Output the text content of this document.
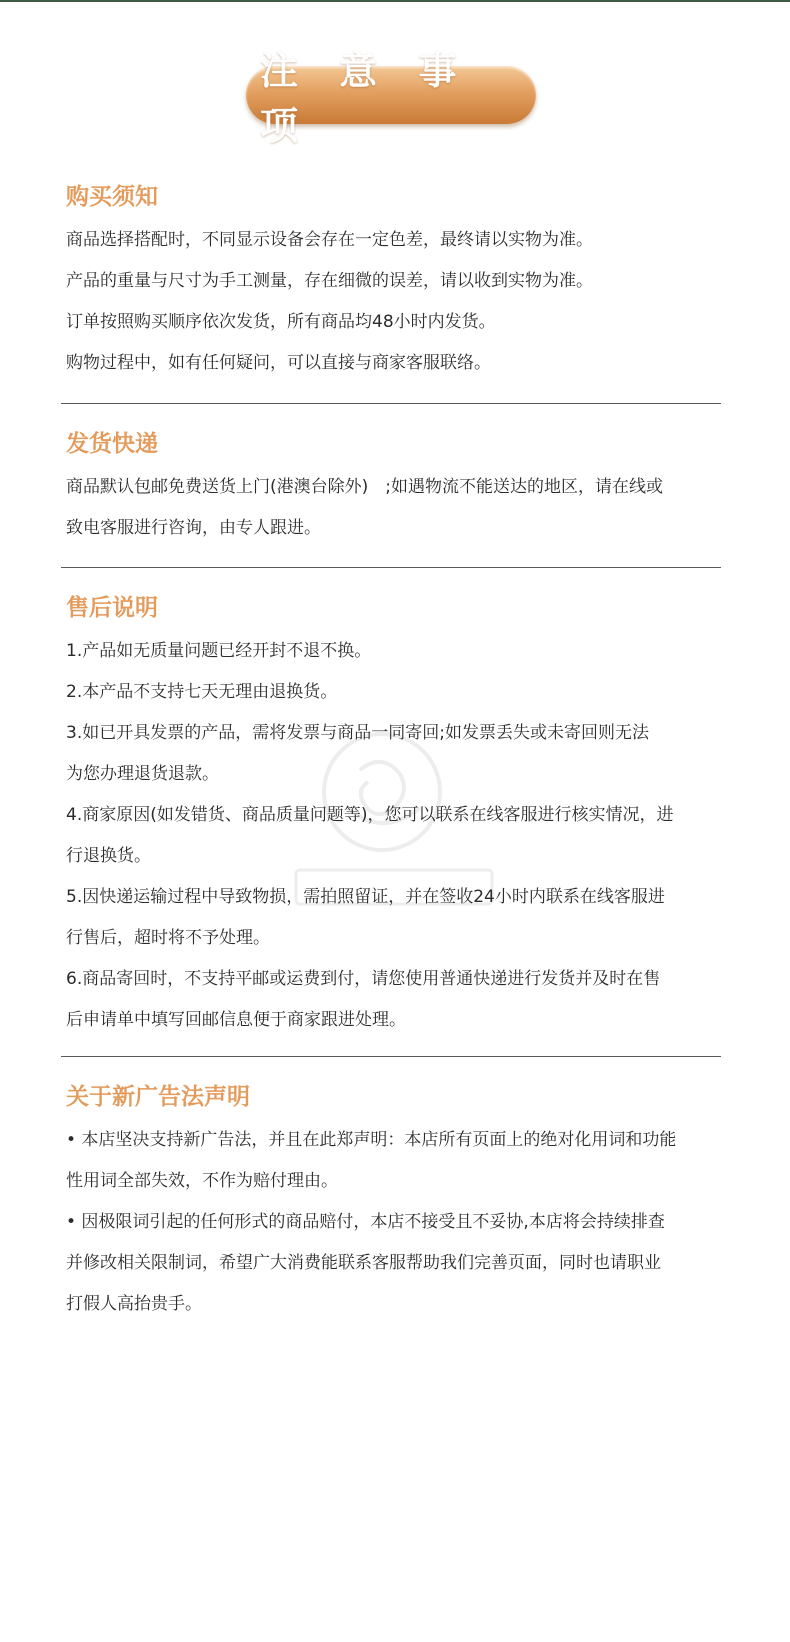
注 意 事 项
购买须知

商品选择搭配时，不同显示设备会存在一定色差，最终请以实物为准。

产品的重量与尺寸为手工测量，存在细微的误差，请以收到实物为准。

订单按照购买顺序依次发货，所有商品均48小时内发货。

购物过程中，如有任何疑问，可以直接与商家客服联络。

发货快递

商品默认包邮免费送货上门(港澳台除外)　;如遇物流不能送达的地区，请在线或

致电客服进行咨询，由专人跟进。

售后说明

1.产品如无质量问题已经开封不退不换。

2.本产品不支持七天无理由退换货。

3.如已开具发票的产品，需将发票与商品一同寄回;如发票丢失或未寄回则无法

为您办理退货退款。

4.商家原因(如发错货、商品质量问题等)，您可以联系在线客服进行核实情况，进

行退换货。

5.因快递运输过程中导致物损，需拍照留证，并在签收24小时内联系在线客服进

行售后，超时将不予处理。

6.商品寄回时，不支持平邮或运费到付，请您使用普通快递进行发货并及时在售

后申请单中填写回邮信息便于商家跟进处理。

关于新广告法声明

• 本店坚决支持新广告法，并且在此郑声明：本店所有页面上的绝对化用词和功能

性用词全部失效，不作为赔付理由。

• 因极限词引起的任何形式的商品赔付，本店不接受且不妥协,本店将会持续排查

并修改相关限制词，希望广大消费能联系客服帮助我们完善页面，同时也请职业

打假人高抬贵手。
